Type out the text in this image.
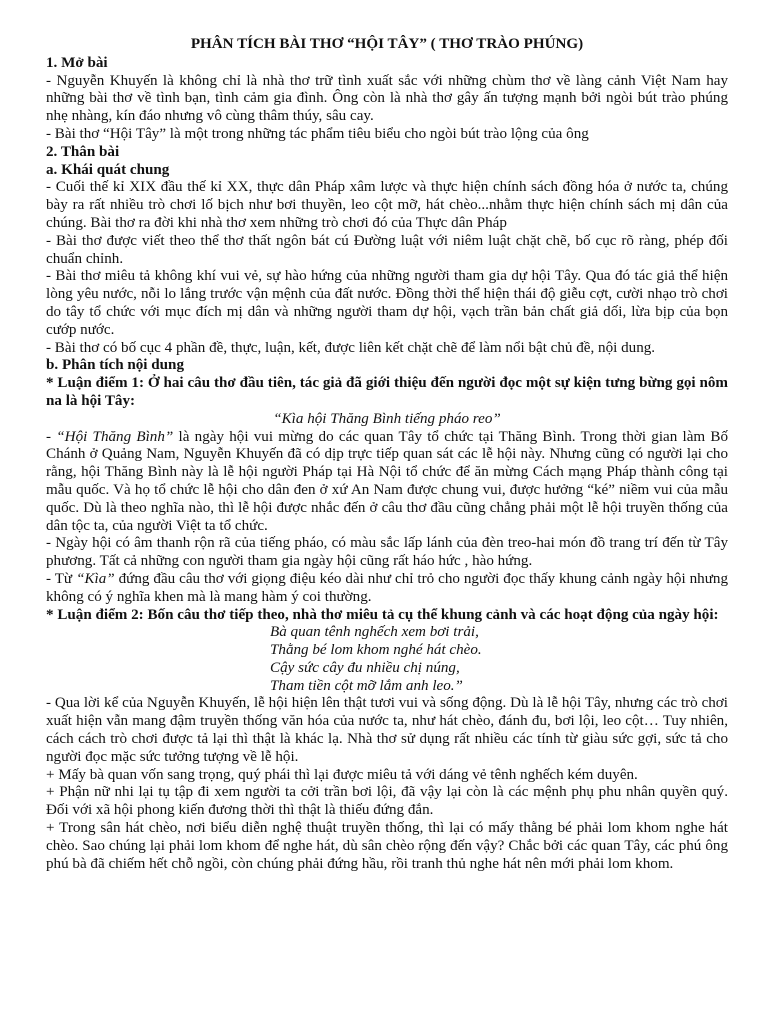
PHÂN TÍCH BÀI THƠ “HỘI TÂY” ( THƠ TRÀO PHÚNG)

1. Mở bài

- Nguyễn Khuyến là không chỉ là nhà thơ trữ tình xuất sắc với những chùm thơ về làng cảnh Việt Nam hay những bài thơ về tình bạn, tình cảm gia đình. Ông còn là nhà thơ gây ấn tượng mạnh bởi ngòi bút trào phúng nhẹ nhàng, kín đáo nhưng vô cùng thâm thúy, sâu cay.

- Bài thơ “Hội Tây” là một trong những tác phẩm tiêu biểu cho ngòi bút trào lộng của ông

2. Thân bài

a. Khái quát chung

- Cuối thế kỉ XIX đầu thế kỉ XX, thực dân Pháp xâm lược và thực hiện chính sách đồng hóa ở nước ta, chúng bày ra rất nhiều trò chơi lố bịch như bơi thuyền, leo cột mỡ, hát chèo...nhằm thực hiện chính sách mị dân của chúng. Bài thơ ra đời khi nhà thơ xem những trò chơi đó của Thực dân Pháp

- Bài thơ được viết theo thể thơ thất ngôn bát cú Đường luật với niêm luật chặt chẽ, bố cục rõ ràng, phép đối chuẩn chỉnh.

- Bài thơ miêu tả không khí vui vẻ, sự hào hứng của những người tham gia dự hội Tây. Qua đó tác giả thể hiện lòng yêu nước, nỗi lo lắng trước vận mệnh của đất nước. Đồng thời thể hiện thái độ giễu cợt, cười nhạo trò chơi do tây tổ chức với mục đích mị dân và những người tham dự hội, vạch trần bản chất giả dối, lừa bịp của bọn cướp nước.

- Bài thơ có bố cục 4 phần đề, thực, luận, kết, được liên kết chặt chẽ để làm nổi bật chủ đề, nội dung.

b. Phân tích nội dung

* Luận điểm 1: Ở hai câu thơ đầu tiên, tác giả đã giới thiệu đến người đọc một sự kiện tưng bừng gọi nôm na là hội Tây:

“Kìa hội Thăng Bình tiếng pháo reo”

- “Hội Thăng Bình” là ngày hội vui mừng do các quan Tây tổ chức tại Thăng Bình. Trong thời gian làm Bố Chánh ở Quảng Nam, Nguyễn Khuyến đã có dịp trực tiếp quan sát các lễ hội này. Nhưng cũng có người lại cho rằng, hội Thăng Bình này là lễ hội người Pháp tại Hà Nội tổ chức để ăn mừng Cách mạng Pháp thành công tại mẫu quốc. Và họ tổ chức lễ hội cho dân đen ở xứ An Nam được chung vui, được hưởng “ké” niềm vui của mẫu quốc. Dù là theo nghĩa nào, thì lễ hội được nhắc đến ở câu thơ đầu cũng chẳng phải một lễ hội truyền thống của dân tộc ta, của người Việt ta tổ chức.

- Ngày hội có âm thanh rộn rã của tiếng pháo, có màu sắc lấp lánh của đèn treo-hai món đồ trang trí đến từ Tây phương. Tất cả những con người tham gia ngày hội cũng rất háo hức , hào hứng.

- Từ “Kìa” đứng đầu câu thơ với giọng điệu kéo dài như chỉ trỏ cho người đọc thấy khung cảnh ngày hội nhưng không có ý nghĩa khen mà là mang hàm ý coi thường.

* Luận điểm 2: Bốn câu thơ tiếp theo, nhà thơ miêu tả cụ thể khung cảnh và các hoạt động của ngày hội:

Bà quan tênh nghếch xem bơi trải,
Thằng bé lom khom nghé hát chèo.
Cậy sức cây đu nhiều chị núng,
Tham tiền cột mỡ lắm anh leo.”

- Qua lời kể của Nguyễn Khuyến, lễ hội hiện lên thật tươi vui và sống động. Dù là lễ hội Tây, nhưng các trò chơi xuất hiện vẫn mang đậm truyền thống văn hóa của nước ta, như hát chèo, đánh đu, bơi lội, leo cột… Tuy nhiên, cách cách trò chơi được tả lại thì thật là khác lạ. Nhà thơ sử dụng rất nhiều các tính từ giàu sức gợi, sức tả cho người đọc mặc sức tưởng tượng về lễ hội.

+ Mấy bà quan vốn sang trọng, quý phái thì lại được miêu tả với dáng vẻ tênh nghếch kém duyên.

+ Phận nữ nhi lại tụ tập đi xem người ta cởi trần bơi lội, đã vậy lại còn là các mệnh phụ phu nhân quyền quý. Đối với xã hội phong kiến đương thời thì thật là thiếu đứng đắn.

+ Trong sân hát chèo, nơi biểu diễn nghệ thuật truyền thống, thì lại có mấy thằng bé phải lom khom nghe hát chèo. Sao chúng lại phải lom khom để nghe hát, dù sân chèo rộng đến vậy? Chắc bởi các quan Tây, các phú ông phú bà đã chiếm hết chỗ ngồi, còn chúng phải đứng hầu, rồi tranh thủ nghe hát nên mới phải lom khom.
